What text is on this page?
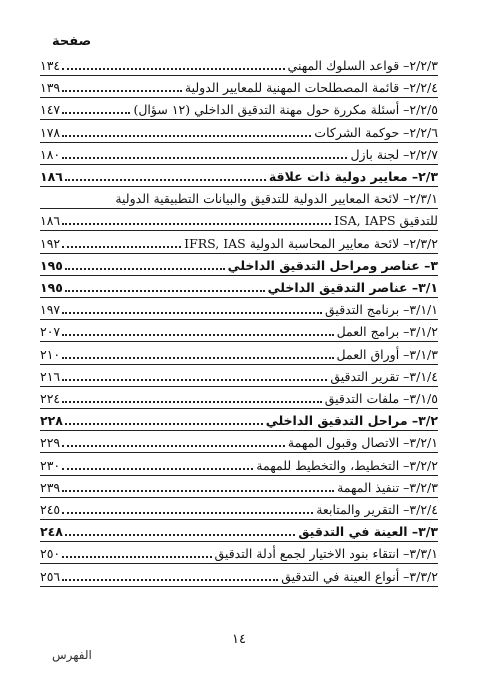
صفحة
٢/٢/٣– قواعد السلوك المهني
١٣٤
٢/٢/٤– قائمة المصطلحات المهنية للمعايير الدولية
١٣٩
٢/٢/٥– أسئلة مكررة حول مهنة التدقيق الداخلي (١٢ سؤال)
١٤٧
٢/٢/٦– حوكمة الشركات
١٧٨
٢/٢/٧– لجنة بازل
١٨٠
٢/٣– معايير دولية ذات علاقة
١٨٦
٢/٣/١– لائحة المعايير الدولية للتدقيق والبيانات التطبيقية الدولية
للتدقيق ISA, IAPS
١٨٦
٢/٣/٢– لائحة معايير المحاسبة الدولية IFRS, IAS
١٩٢
٣– عناصر ومراحل التدقيق الداخلي
١٩٥
٣/١– عناصر التدقيق الداخلي
١٩٥
٣/١/١– برنامج التدقيق
١٩٧
٣/١/٢– برامج العمل
٢٠٧
٣/١/٣– أوراق العمل
٢١٠
٣/١/٤– تقرير التدقيق
٢١٦
٣/١/٥– ملفات التدقيق
٢٢٤
٣/٢– مراحل التدقيق الداخلي
٢٢٨
٣/٢/١– الاتصال وقبول المهمة
٢٢٩
٣/٢/٢– التخطيط، والتخطيط للمهمة
٢٣٠
٣/٢/٣– تنفيذ المهمة
٢٣٩
٣/٢/٤– التقرير والمتابعة
٢٤٥
٣/٣– العينة في التدقيق
٢٤٨
٣/٣/١– انتقاء بنود الاختيار لجمع أدلة التدقيق
٢٥٠
٣/٣/٢– أنواع العينة في التدقيق
٢٥٦
١٤
الفهرس
